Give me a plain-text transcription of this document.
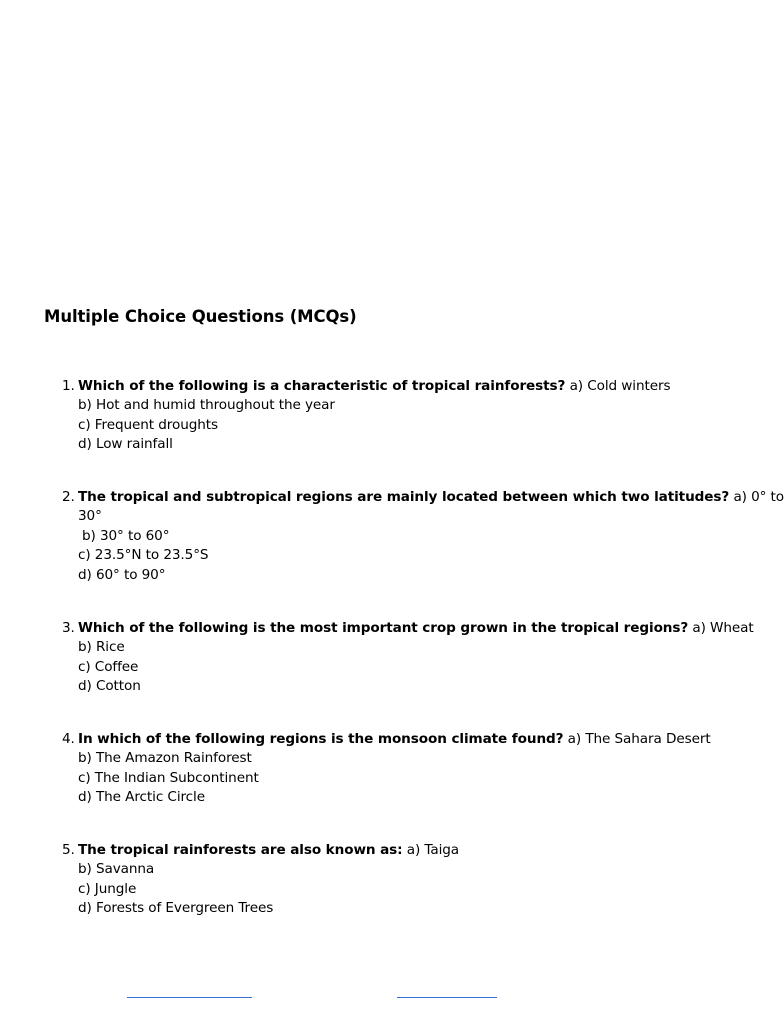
Multiple Choice Questions (MCQs)
1. Which of the following is a characteristic of tropical rainforests? a) Cold winters
b) Hot and humid throughout the year
c) Frequent droughts
d) Low rainfall
2. The tropical and subtropical regions are mainly located between which two latitudes? a) 0° to
30°
b) 30° to 60°
c) 23.5°N to 23.5°S
d) 60° to 90°
3. Which of the following is the most important crop grown in the tropical regions? a) Wheat
b) Rice
c) Coffee
d) Cotton
4. In which of the following regions is the monsoon climate found? a) The Sahara Desert
b) The Amazon Rainforest
c) The Indian Subcontinent
d) The Arctic Circle
5. The tropical rainforests are also known as: a) Taiga
b) Savanna
c) Jungle
d) Forests of Evergreen Trees
